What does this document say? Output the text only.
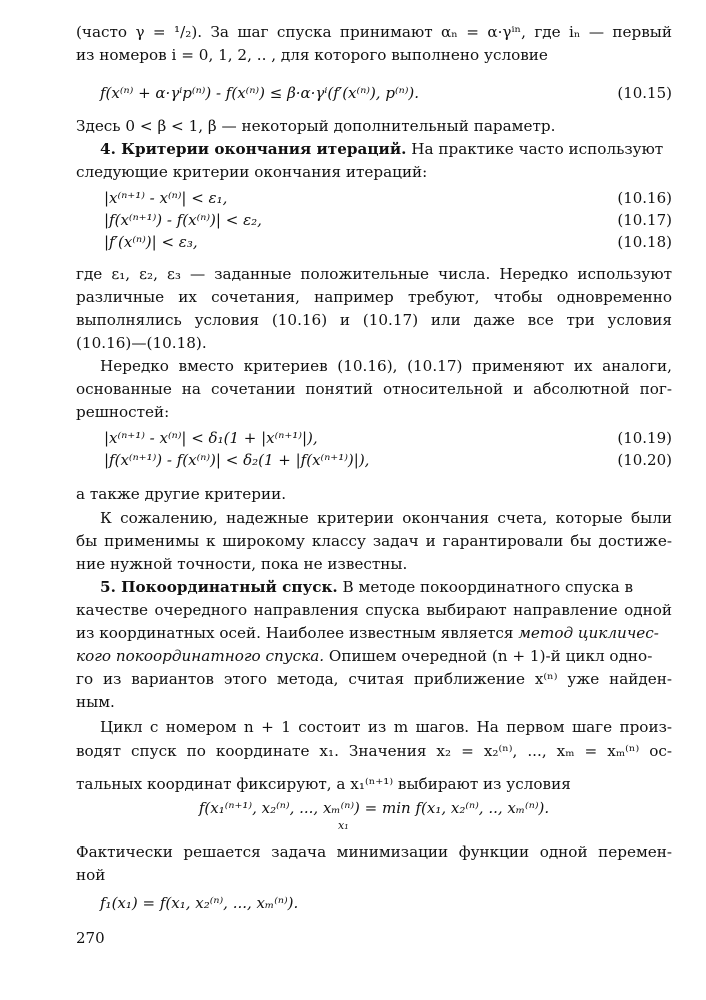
(часто γ = ¹/₂). За шаг спуска принимают αₙ = α·γⁱⁿ, где iₙ — первый
из номеров i = 0, 1, 2, .. , для которого выполнено условие
f(x⁽ⁿ⁾ + α·γⁱp⁽ⁿ⁾) - f(x⁽ⁿ⁾) ≤ β·α·γⁱ(f′(x⁽ⁿ⁾), p⁽ⁿ⁾).	(10.15)
Здесь 0 < β < 1, β — некоторый дополнительный параметр.
4. Критерии окончания итераций. На практике часто используют
следующие критерии окончания итераций:
|x⁽ⁿ⁺¹⁾ - x⁽ⁿ⁾| < ε₁,	(10.16)
|f(x⁽ⁿ⁺¹⁾) - f(x⁽ⁿ⁾)| < ε₂,	(10.17)
|f′(x⁽ⁿ⁾)| < ε₃,	(10.18)
где ε₁, ε₂, ε₃ — заданные положительные числа. Нередко используют
различные их сочетания, например требуют, чтобы одновременно
выполнялись условия (10.16) и (10.17) или даже все три условия
(10.16)—(10.18).
Нередко вместо критериев (10.16), (10.17) применяют их аналоги,
основанные на сочетании понятий относительной и абсолютной пог-
решностей:
|x⁽ⁿ⁺¹⁾ - x⁽ⁿ⁾| < δ₁(1 + |x⁽ⁿ⁺¹⁾|),	(10.19)
|f(x⁽ⁿ⁺¹⁾) - f(x⁽ⁿ⁾)| < δ₂(1 + |f(x⁽ⁿ⁺¹⁾)|),	(10.20)
а также другие критерии.
К сожалению, надежные критерии окончания счета, которые были
бы применимы к широкому классу задач и гарантировали бы достиже-
ние нужной точности, пока не известны.
5. Покоординатный спуск. В методе покоординатного спуска в
качестве очередного направления спуска выбирают направление одной
из координатных осей. Наиболее известным является метод цикличес-
кого покоординатного спуска. Опишем очередной (n + 1)-й цикл одно-
го из вариантов этого метода, считая приближение x⁽ⁿ⁾ уже найден-
ным.
Цикл с номером n + 1 состоит из m шагов. На первом шаге произ-
водят спуск по координате x₁. Значения x₂ = x₂⁽ⁿ⁾, ..., xₘ = xₘ⁽ⁿ⁾ ос-
тальных координат фиксируют, а x₁⁽ⁿ⁺¹⁾ выбирают из условия
f(x₁⁽ⁿ⁺¹⁾, x₂⁽ⁿ⁾, ..., xₘ⁽ⁿ⁾) = min f(x₁, x₂⁽ⁿ⁾, .., xₘ⁽ⁿ⁾).
x₁
Фактически решается задача минимизации функции одной перемен-
ной
f₁(x₁) = f(x₁, x₂⁽ⁿ⁾, ..., xₘ⁽ⁿ⁾).
270
